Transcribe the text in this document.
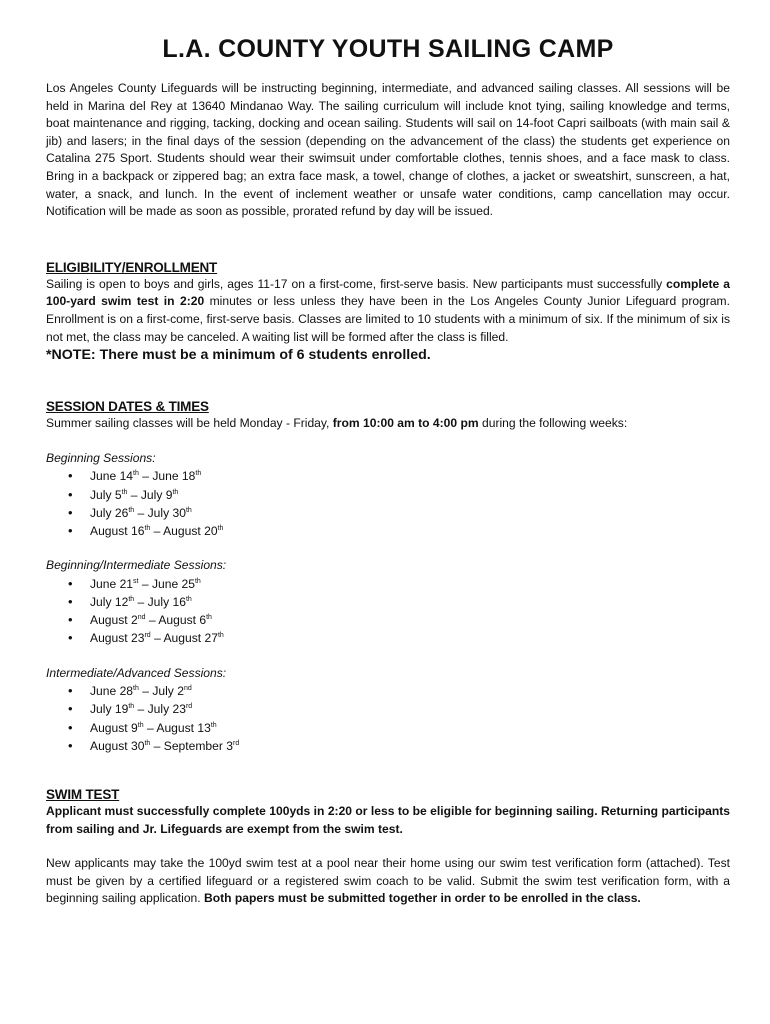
L.A. COUNTY YOUTH SAILING CAMP

Los Angeles County Lifeguards will be instructing beginning, intermediate, and advanced sailing classes. All sessions will be held in Marina del Rey at 13640 Mindanao Way. The sailing curriculum will include knot tying, sailing knowledge and terms, boat maintenance and rigging, tacking, docking and ocean sailing. Students will sail on 14-foot Capri sailboats (with main sail & jib) and lasers; in the final days of the session (depending on the advancement of the class) the students get experience on Catalina 275 Sport. Students should wear their swimsuit under comfortable clothes, tennis shoes, and a face mask to class. Bring in a backpack or zippered bag; an extra face mask, a towel, change of clothes, a jacket or sweatshirt, sunscreen, a hat, water, a snack, and lunch. In the event of inclement weather or unsafe water conditions, camp cancellation may occur. Notification will be made as soon as possible, prorated refund by day will be issued.

ELIGIBILITY/ENROLLMENT

Sailing is open to boys and girls, ages 11-17 on a first-come, first-serve basis. New participants must successfully complete a 100-yard swim test in 2:20 minutes or less unless they have been in the Los Angeles County Junior Lifeguard program. Enrollment is on a first-come, first-serve basis. Classes are limited to 10 students with a minimum of six. If the minimum of six is not met, the class may be canceled. A waiting list will be formed after the class is filled.

*NOTE: There must be a minimum of 6 students enrolled.

SESSION DATES & TIMES

Summer sailing classes will be held Monday - Friday, from 10:00 am to 4:00 pm during the following weeks:

Beginning Sessions:

• June 14th – June 18th
• July 5th – July 9th
• July 26th – July 30th
• August 16th – August 20th

Beginning/Intermediate Sessions:

• June 21st – June 25th
• July 12th – July 16th
• August 2nd – August 6th
• August 23rd – August 27th

Intermediate/Advanced Sessions:

• June 28th – July 2nd
• July 19th – July 23rd
• August 9th – August 13th
• August 30th – September 3rd
SWIM TEST

Applicant must successfully complete 100yds in 2:20 or less to be eligible for beginning sailing. Returning participants from sailing and Jr. Lifeguards are exempt from the swim test.

New applicants may take the 100yd swim test at a pool near their home using our swim test verification form (attached). Test must be given by a certified lifeguard or a registered swim coach to be valid. Submit the swim test verification form, with a beginning sailing application. Both papers must be submitted together in order to be enrolled in the class.
